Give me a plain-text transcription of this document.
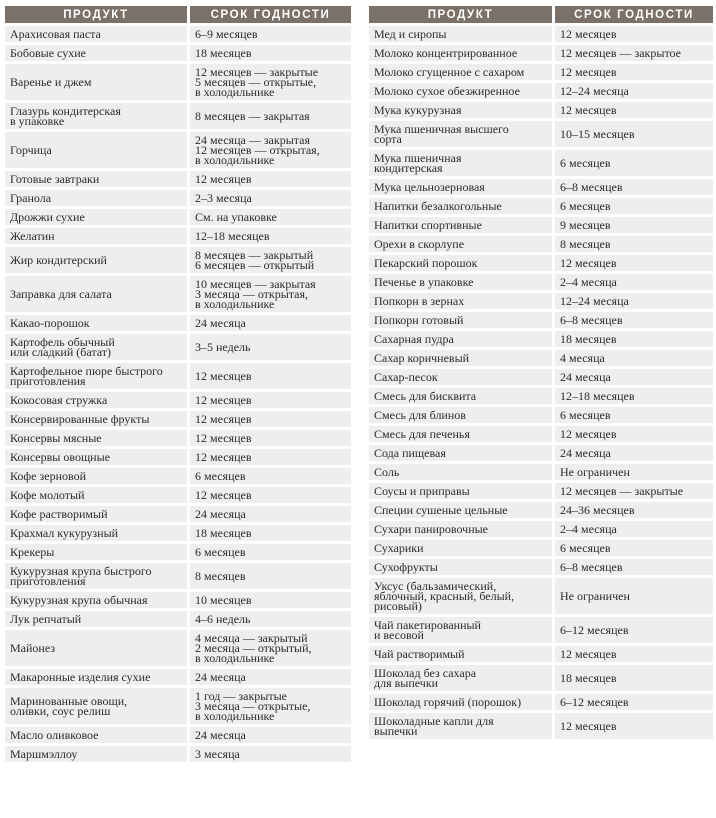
ПРОДУКТ	СРОК ГОДНОСТИ

Арахисовая паста	6–9 месяцев

Бобовые сухие	18 месяцев

Варенье и джем	12 месяцев — закрытые
5 месяцев — открытые,
в холодильнике

Глазурь кондитерская
в упаковке	8 месяцев — закрытая

Горчица	24 месяца — закрытая
12 месяцев — открытая,
в холодильнике

Готовые завтраки	12 месяцев

Гранола	2–3 месяца

Дрожжи сухие	См. на упаковке

Желатин	12–18 месяцев

Жир кондитерский	8 месяцев — закрытый
6 месяцев — открытый

Заправка для салата	10 месяцев — закрытая
3 месяца — открытая,
в холодильнике

Какао-порошок	24 месяца

Картофель обычный
или сладкий (батат)	3–5 недель

Картофельное пюре быстрого
приготовления	12 месяцев

Кокосовая стружка	12 месяцев

Консервированные фрукты	12 месяцев

Консервы мясные	12 месяцев

Консервы овощные	12 месяцев

Кофе зерновой	6 месяцев

Кофе молотый	12 месяцев

Кофе растворимый	24 месяца

Крахмал кукурузный	18 месяцев

Крекеры	6 месяцев

Кукурузная крупа быстрого
приготовления	8 месяцев

Кукурузная крупа обычная	10 месяцев

Лук репчатый	4–6 недель

Майонез	4 месяца — закрытый
2 месяца — открытый,
в холодильнике

Макаронные изделия сухие	24 месяца

Маринованные овощи,
оливки, соус релиш	1 год — закрытые
3 месяца — открытые,
в холодильнике

Масло оливковое	24 месяца

Маршмэллоу	3 месяца
ПРОДУКТ	СРОК ГОДНОСТИ

Мед и сиропы	12 месяцев

Молоко концентрированное	12 месяцев — закрытое

Молоко сгущенное с сахаром	12 месяцев

Молоко сухое обезжиренное	12–24 месяца

Мука кукурузная	12 месяцев

Мука пшеничная высшего
сорта	10–15 месяцев

Мука пшеничная
кондитерская	6 месяцев

Мука цельнозерновая	6–8 месяцев

Напитки безалкогольные	6 месяцев

Напитки спортивные	9 месяцев

Орехи в скорлупе	8 месяцев

Пекарский порошок	12 месяцев

Печенье в упаковке	2–4 месяца

Попкорн в зернах	12–24 месяца

Попкорн готовый	6–8 месяцев

Сахарная пудра	18 месяцев

Сахар коричневый	4 месяца

Сахар-песок	24 месяца

Смесь для бисквита	12–18 месяцев

Смесь для блинов	6 месяцев

Смесь для печенья	12 месяцев

Сода пищевая	24 месяца

Соль	Не ограничен

Соусы и приправы	12 месяцев — закрытые

Специи сушеные цельные	24–36 месяцев

Сухари панировочные	2–4 месяца

Сухарики	6 месяцев

Сухофрукты	6–8 месяцев

Уксус (бальзамический,
яблочный, красный, белый,
рисовый)	Не ограничен

Чай пакетированный
и весовой	6–12 месяцев

Чай растворимый	12 месяцев

Шоколад без сахара
для выпечки	18 месяцев

Шоколад горячий (порошок)	6–12 месяцев

Шоколадные капли для
выпечки	12 месяцев
